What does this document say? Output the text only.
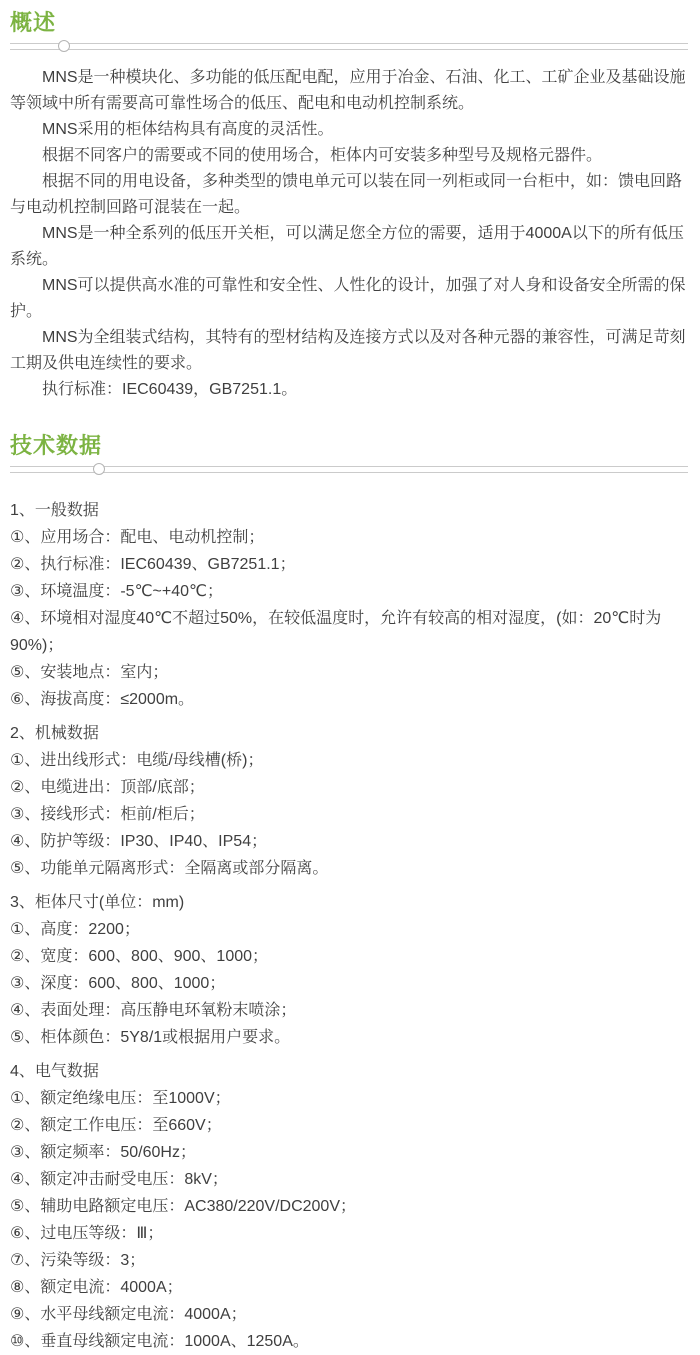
概述

MNS是一种模块化、多功能的低压配电配，应用于冶金、石油、化工、工矿企业及基础设施等领域中所有需要高可靠性场合的低压、配电和电动机控制系统。

MNS采用的柜体结构具有高度的灵活性。

根据不同客户的需要或不同的使用场合，柜体内可安装多种型号及规格元器件。

根据不同的用电设备，多种类型的馈电单元可以装在同一列柜或同一台柜中，如：馈电回路与电动机控制回路可混装在一起。

MNS是一种全系列的低压开关柜，可以满足您全方位的需要，适用于4000A以下的所有低压系统。

MNS可以提供高水准的可靠性和安全性、人性化的设计，加强了对人身和设备安全所需的保护。

MNS为全组装式结构，其特有的型材结构及连接方式以及对各种元器的兼容性，可满足苛刻工期及供电连续性的要求。

执行标准：IEC60439，GB7251.1。

技术数据
1、一般数据
①、应用场合：配电、电动机控制；
②、执行标准：IEC60439、GB7251.1；
③、环境温度：-5℃~+40℃；
④、环境相对湿度40℃不超过50%，在较低温度时，允许有较高的相对湿度，(如：20℃时为90%)；
⑤、安装地点：室内；
⑥、海拔高度：≤2000m。
2、机械数据
①、进出线形式：电缆/母线槽(桥)；
②、电缆进出：顶部/底部；
③、接线形式：柜前/柜后；
④、防护等级：IP30、IP40、IP54；
⑤、功能单元隔离形式：全隔离或部分隔离。
3、柜体尺寸(单位：mm)
①、高度：2200；
②、宽度：600、800、900、1000；
③、深度：600、800、1000；
④、表面处理：高压静电环氧粉末喷涂；
⑤、柜体颜色：5Y8/1或根据用户要求。
4、电气数据
①、额定绝缘电压：至1000V；
②、额定工作电压：至660V；
③、额定频率：50/60Hz；
④、额定冲击耐受电压：8kV；
⑤、辅助电路额定电压：AC380/220V/DC200V；
⑥、过电压等级：Ⅲ；
⑦、污染等级：3；
⑧、额定电流：4000A；
⑨、水平母线额定电流：4000A；
⑩、垂直母线额定电流：1000A、1250A。
